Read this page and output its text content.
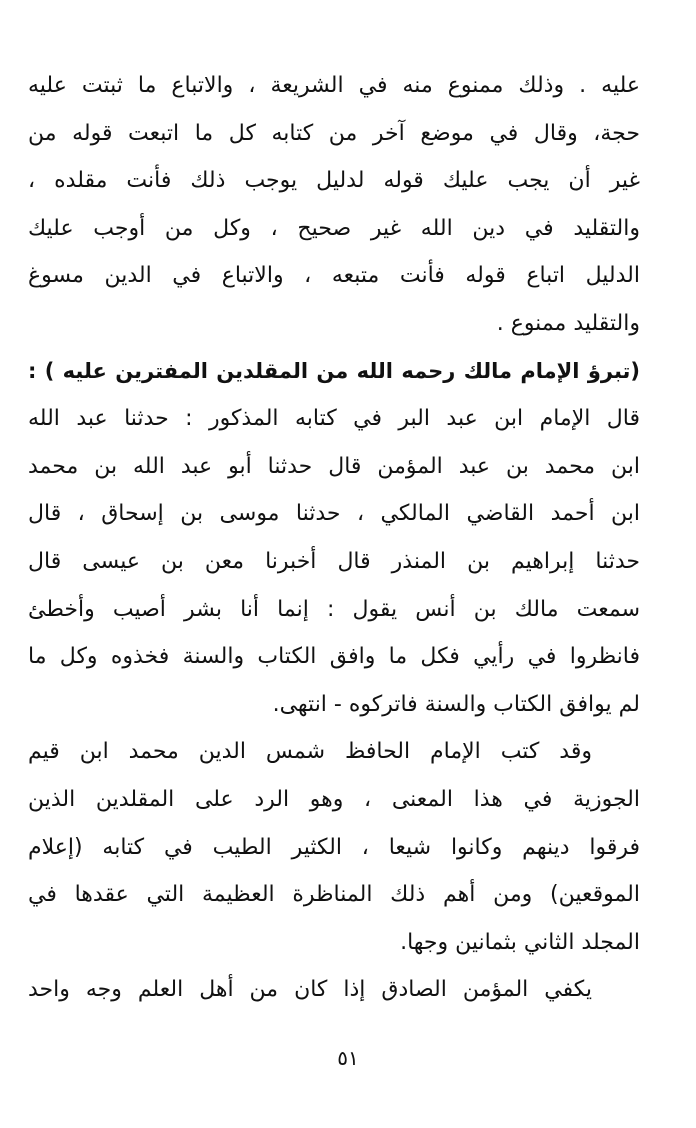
عليه . وذلك ممنوع منه في الشريعة ، والاتباع ما ثبتت عليه
حجة، وقال في موضع آخر من كتابه كل ما اتبعت قوله من
غير أن يجب عليك قوله لدليل يوجب ذلك فأنت مقلده ،
والتقليد في دين الله غير صحيح ، وكل من أوجب عليك
الدليل اتباع قوله فأنت متبعه ، والاتباع في الدين مسوغ
والتقليد ممنوع .
(تبرؤ الإمام مالك رحمه الله من المقلدين المفترين عليه ) :
قال الإمام ابن عبد البر في كتابه المذكور : حدثنا عبد الله
ابن محمد بن عبد المؤمن قال حدثنا أبو عبد الله بن محمد
ابن أحمد القاضي المالكي ، حدثنا موسى بن إسحاق ، قال
حدثنا إبراهيم بن المنذر قال أخبرنا معن بن عيسى قال
سمعت مالك بن أنس يقول : إنما أنا بشر أصيب وأخطئ
فانظروا في رأيي فكل ما وافق الكتاب والسنة فخذوه وكل ما
لم يوافق الكتاب والسنة فاتركوه - انتهى.
وقد كتب الإمام الحافظ شمس الدين محمد ابن قيم
الجوزية في هذا المعنى ، وهو الرد على المقلدين الذين
فرقوا دينهم وكانوا شيعا ، الكثير الطيب في كتابه (إعلام
الموقعين) ومن أهم ذلك المناظرة العظيمة التي عقدها في
المجلد الثاني بثمانين وجها.
يكفي المؤمن الصادق إذا كان من أهل العلم وجه واحد
٥١
